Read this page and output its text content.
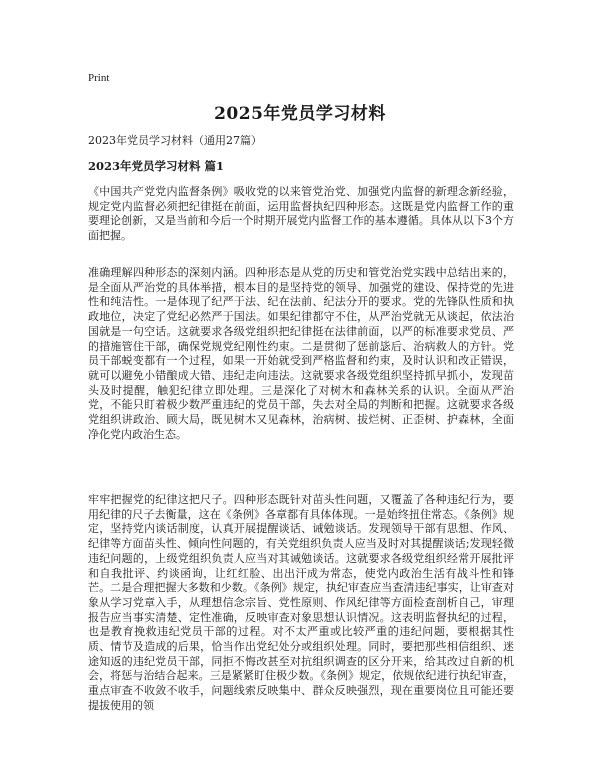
Print
2025年党员学习材料
2023年党员学习材料（通用27篇）
2023年党员学习材料 篇1

《中国共产党党内监督条例》吸收党的以来管党治党、加强党内监督的新理念新经验，规定党内监督必须把纪律挺在前面，运用监督执纪四种形态。这既是党内监督工作的重要理论创新，又是当前和今后一个时期开展党内监督工作的基本遵循。具体从以下3个方面把握。

准确理解四种形态的深刻内涵。四种形态是从党的历史和管党治党实践中总结出来的，是全面从严治党的具体举措，根本目的是坚持党的领导、加强党的建设、保持党的先进性和纯洁性。一是体现了纪严于法、纪在法前、纪法分开的要求。党的先锋队性质和执政地位，决定了党纪必然严于国法。如果纪律都守不住，从严治党就无从谈起，依法治国就是一句空话。这就要求各级党组织把纪律挺在法律前面，以严的标准要求党员、严的措施管住干部，确保党规党纪刚性约束。二是贯彻了惩前毖后、治病救人的方针。党员干部蜕变都有一个过程，如果一开始就受到严格监督和约束，及时认识和改正错误，就可以避免小错酿成大错、违纪走向违法。这就要求各级党组织坚持抓早抓小，发现苗头及时提醒，触犯纪律立即处理。三是深化了对树木和森林关系的认识。全面从严治党，不能只盯着极少数严重违纪的党员干部，失去对全局的判断和把握。这就要求各级党组织讲政治、顾大局，既见树木又见森林，治病树、拔烂树、正歪树、护森林，全面净化党内政治生态。

牢牢把握党的纪律这把尺子。四种形态既针对苗头性问题，又覆盖了各种违纪行为，要用纪律的尺子去衡量，这在《条例》各章都有具体体现。一是始终扭住常态。《条例》规定，坚持党内谈话制度，认真开展提醒谈话、诫勉谈话。发现领导干部有思想、作风、纪律等方面苗头性、倾向性问题的，有关党组织负责人应当及时对其提醒谈话;发现轻微违纪问题的，上级党组织负责人应当对其诫勉谈话。这就要求各级党组织经常开展批评和自我批评、约谈函询，让红红脸、出出汗成为常态，使党内政治生活有战斗性和锋芒。二是合理把握大多数和少数。《条例》规定，执纪审查应当查清违纪事实，让审查对象从学习党章入手，从理想信念宗旨、党性原则、作风纪律等方面检查剖析自己，审理报告应当事实清楚、定性准确，反映审查对象思想认识情况。这表明监督执纪的过程，也是教育挽救违纪党员干部的过程。对不太严重或比较严重的违纪问题，要根据其性质、情节及造成的后果，恰当作出党纪处分或组织处理。同时，要把那些相信组织、迷途知返的违纪党员干部，同拒不悔改甚至对抗组织调查的区分开来，给其改过自新的机会，将惩与治结合起来。三是紧紧盯住极少数。《条例》规定，依规依纪进行执纪审查，重点审查不收敛不收手，问题线索反映集中、群众反映强烈，现在重要岗位且可能还要提拔使用的领
